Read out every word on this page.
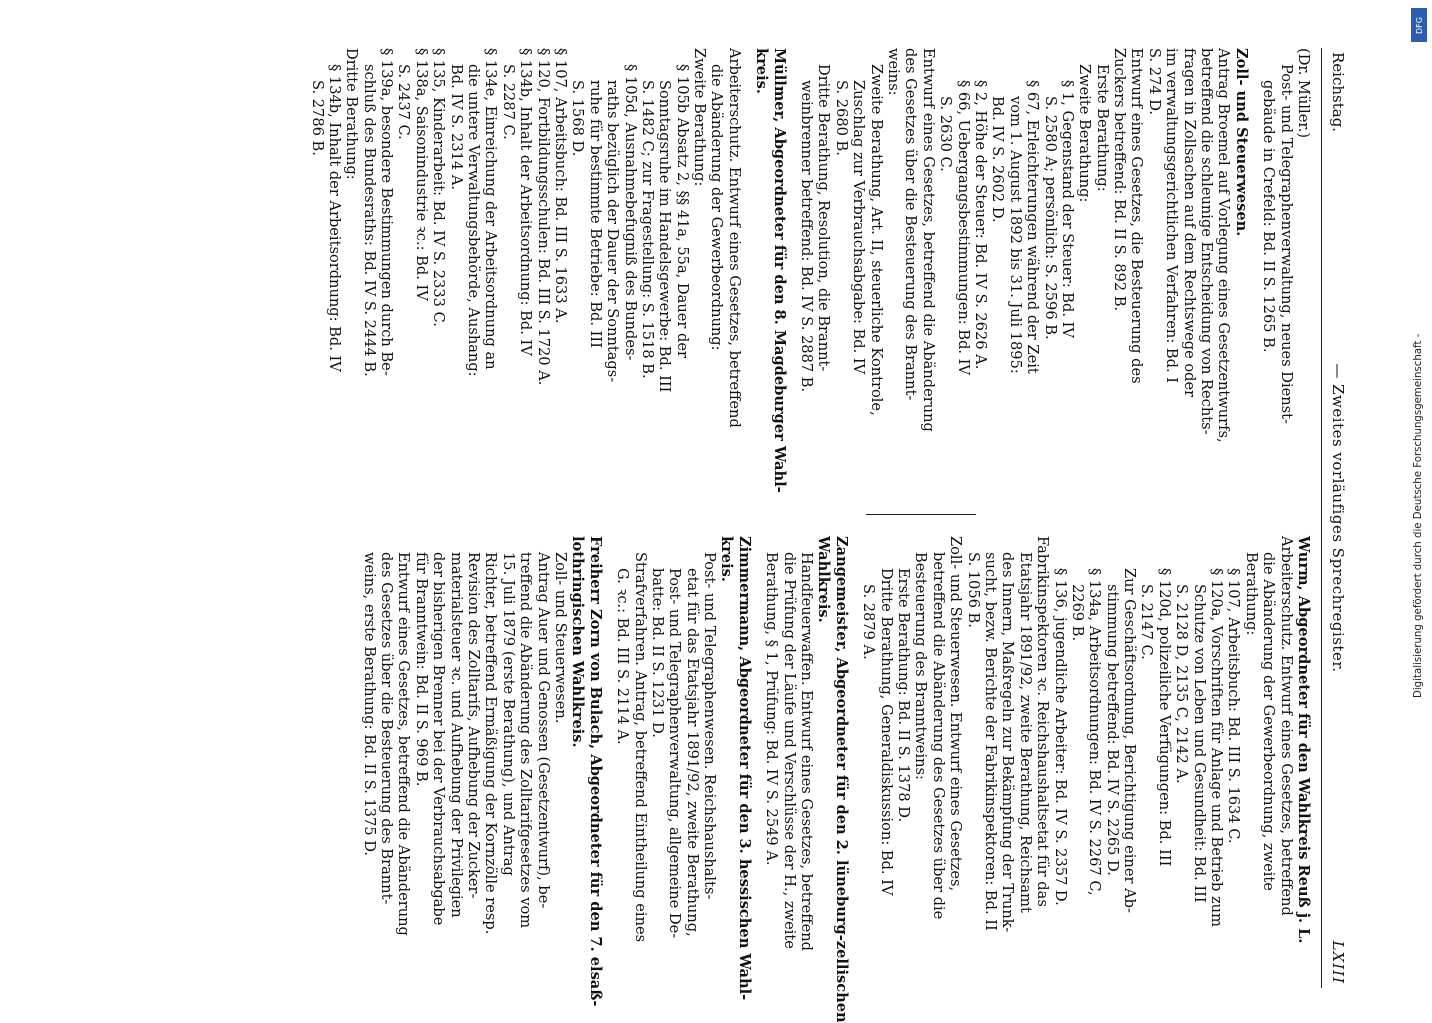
Reichstag.
— Zweites vorläufiges Sprechregister.
LXIII
(Dr. Müller.)
Post- und Telegraphenverwaltung, neues Dienst-
gebäude in Crefeld: Bd. II S. 1265 B.
Zoll- und Steuerwesen.
Antrag Broemel auf Vorlegung eines Gesetzentwurfs,
betreffend die schleunige Entscheidung von Rechts-
fragen in Zollsachen auf dem Rechtswege oder
im verwaltungsgerichtlichen Verfahren: Bd. I
S. 274 D.
Entwurf eines Gesetzes, die Besteuerung des
Zuckers betreffend: Bd. II S. 892 B.
Erste Berathung:
Zweite Berathung:
§ 1, Gegenstand der Steuer: Bd. IV
S. 2580 A; persönlich: S. 2596 B.
§ 67, Erleichterungen während der Zeit
vom 1. August 1892 bis 31. Juli 1895:
Bd. IV S. 2602 D.
§ 2, Höhe der Steuer: Bd. IV S. 2626 A.
§ 66, Uebergangsbestimmungen: Bd. IV
S. 2630 C.
Entwurf eines Gesetzes, betreffend die Abänderung
des Gesetzes über die Besteuerung des Brannt-
weins:
Zweite Berathung, Art. II, steuerliche Kontrole,
Zuschlag zur Verbrauchsabgabe: Bd. IV
S. 2680 B.
Dritte Berathung, Resolution, die Brannt-
weinbrenner betreffend: Bd. IV S. 2887 B.
Müllmer, Abgeordneter für den 8. Magdeburger Wahl-
kreis.
Arbeiterschutz. Entwurf eines Gesetzes, betreffend
die Abänderung der Gewerbeordnung:
Zweite Berathung:
§ 105b Absatz 2, §§ 41a, 55a, Dauer der
Sonntagsruhe im Handelsgewerbe: Bd. III
S. 1482 C; zur Fragestellung: S. 1518 B.
§ 105d, Ausnahmebefugniß des Bundes-
raths bezüglich der Dauer der Sonntags-
ruhe für bestimmte Betriebe: Bd. III
S. 1568 D.
§ 107, Arbeitsbuch: Bd. III S. 1633 A.
§ 120, Fortbildungsschulen: Bd. III S. 1720 A.
§ 134b, Inhalt der Arbeitsordnung: Bd. IV
S. 2287 C.
§ 134e, Einreichung der Arbeitsordnung an
die untere Verwaltungsbehörde, Aushang:
Bd. IV S. 2314 A.
§ 135, Kinderarbeit: Bd. IV S. 2333 C.
§ 138a, Saisonindustrie ꝛc.: Bd. IV
S. 2437 C.
§ 139a, besondere Bestimmungen durch Be-
schluß des Bundesraths: Bd. IV S. 2444 B.
Dritte Berathung:
§ 134b, Inhalt der Arbeitsordnung: Bd. IV
S. 2786 B.
Wurm, Abgeordneter für den Wahlkreis Reuß j. L.
Arbeiterschutz. Entwurf eines Gesetzes, betreffend
die Abänderung der Gewerbeordnung, zweite
Berathung:
§ 107, Arbeitsbuch: Bd. III S. 1634 C.
§ 120a, Vorschriften für Anlage und Betrieb zum
Schutze von Leben und Gesundheit: Bd. III
S. 2128 D, 2135 C, 2142 A.
§ 120d, polizeiliche Verfügungen: Bd. III
S. 2147 C.
Zur Geschäftsordnung, Berichtigung einer Ab-
stimmung betreffend: Bd. IV S. 2265 D.
§ 134a, Arbeitsordnungen: Bd. IV S. 2267 C,
2269 B.
§ 136, jugendliche Arbeiter: Bd. IV S. 2357 D.
Fabrikinspektoren ꝛc. Reichshaushaltsetat für das
Etatsjahr 1891/92, zweite Berathung, Reichsamt
des Innern, Maßregeln zur Bekämpfung der Trunk-
sucht, bezw. Berichte der Fabrikinspektoren: Bd. II
S. 1056 B.
Zoll- und Steuerwesen. Entwurf eines Gesetzes,
betreffend die Abänderung des Gesetzes über die
Besteuerung des Branntweins:
Erste Berathung: Bd. II S. 1378 D.
Dritte Berathung, Generaldiskussion: Bd. IV
S. 2879 A.
Zangemeister, Abgeordneter für den 2. lüneburg-zellischen
Wahlkreis.
Handfeuerwaffen. Entwurf eines Gesetzes, betreffend
die Prüfung der Läufe und Verschlüsse der H., zweite
Berathung, § 1, Prüfung: Bd. IV S. 2549 A.
Zimmermann, Abgeordneter für den 3. hessischen Wahl-
kreis.
Post- und Telegraphenwesen. Reichshaushalts-
etat für das Etatsjahr 1891/92, zweite Berathung,
Post- und Telegraphenverwaltung, allgemeine De-
batte: Bd. II S. 1231 D.
Strafverfahren. Antrag, betreffend Eintheilung eines
G. ꝛc.: Bd. III S. 2114 A.
Freiherr Zorn von Bulach, Abgeordneter für den 7. elsaß-
lothringischen Wahlkreis.
Zoll- und Steuerwesen.
Antrag Auer und Genossen (Gesetzentwurf), be-
treffend die Abänderung des Zolltarifgesetzes vom
15. Juli 1879 (erste Berathung), und Antrag
Richter, betreffend Ermäßigung der Kornzölle resp.
Revision des Zolltarifs, Aufhebung der Zucker-
materialsteuer ꝛc. und Aufhebung der Privilegien
der bisherigen Brenner bei der Verbrauchsabgabe
für Branntwein: Bd. II S. 969 B.
Entwurf eines Gesetzes, betreffend die Abänderung
des Gesetzes über die Besteuerung des Brannt-
weins, erste Berathung: Bd. II S. 1375 D.
DFG
Digitalisierung gefördert durch die Deutsche Forschungsgemeinschaft -
